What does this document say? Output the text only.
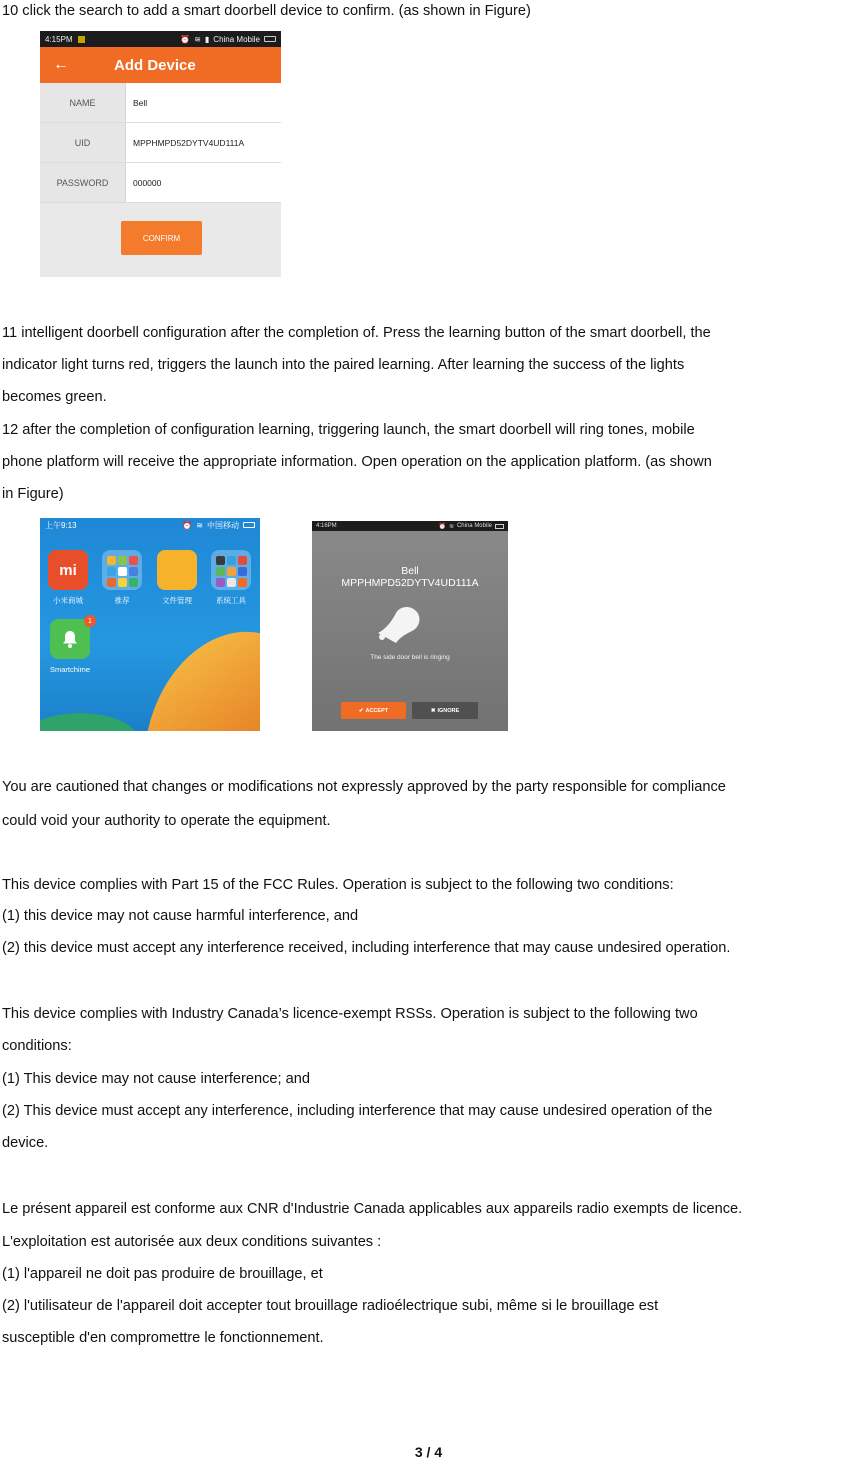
10 click the search to add a smart doorbell device to confirm. (as shown in Figure)
4:15PM	⏰ ≋ ▮ China Mobile
←	Add Device
NAME	Bell
UID	MPPHMPD52DYTV4UD111A
PASSWORD	000000
CONFIRM
11 intelligent doorbell configuration after the completion of. Press the learning button of the smart doorbell, the
indicator light turns red, triggers the launch into the paired learning. After learning the success of the lights
becomes green.
12 after the completion of configuration learning, triggering launch, the smart doorbell will ring tones, mobile
phone platform will receive the appropriate information. Open operation on the application platform. (as shown
in Figure)
上午9:13	⏰ ≋ 中国移动
mi
小米商城	推荐	文件管理	系统工具
1
Smartchime
4:16PM	⏰ ≋ China Mobile
Bell
MPPHMPD52DYTV4UD111A
The side door bell is ringing
✔ ACCEPT	✖ IGNORE
You are cautioned that changes or modifications not expressly approved by the party responsible for compliance
could void your authority to operate the equipment.
This device complies with Part 15 of the FCC Rules. Operation is subject to the following two conditions:
(1) this device may not cause harmful interference, and
(2) this device must accept any interference received, including interference that may cause undesired operation.
This device complies with Industry Canada’s licence-exempt RSSs. Operation is subject to the following two
conditions:
(1) This device may not cause interference; and
(2) This device must accept any interference, including interference that may cause undesired operation of the
device.
Le présent appareil est conforme aux CNR d'Industrie Canada applicables aux appareils radio exempts de licence.
L'exploitation est autorisée aux deux conditions suivantes :
(1) l'appareil ne doit pas produire de brouillage, et
(2) l'utilisateur de l'appareil doit accepter tout brouillage radioélectrique subi, même si le brouillage est
susceptible d'en compromettre le fonctionnement.
3 / 4
